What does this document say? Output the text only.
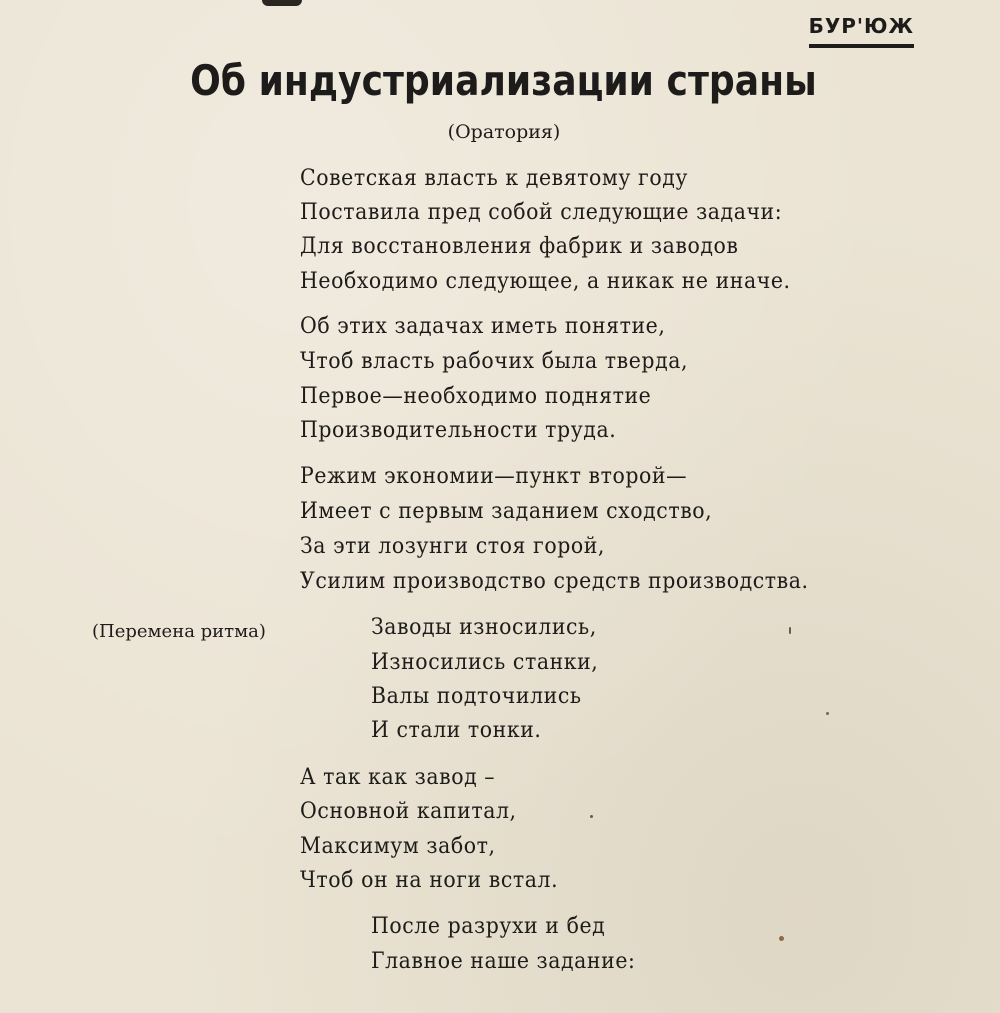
БУР'ЮЖ
Об индустриализации страны
(Оратория)
Советская власть к девятому году
Поставила пред собой следующие задачи:
Для восстановления фабрик и заводов
Необходимо следующее, а никак не иначе.
Об этих задачах иметь понятие,
Чтоб власть рабочих была тверда,
Первое—необходимо поднятие
Производительности труда.
Режим экономии—пункт второй—
Имеет с первым заданием сходство,
За эти лозунги стоя горой,
Усилим производство средств производства.
(Перемена ритма)	Заводы износились,
Износились станки,
Валы подточились
И стали тонки.
А так как завод –
Основной капитал,
Максимум забот,
Чтоб он на ноги встал.
После разрухи и бед
Главное наше задание:
